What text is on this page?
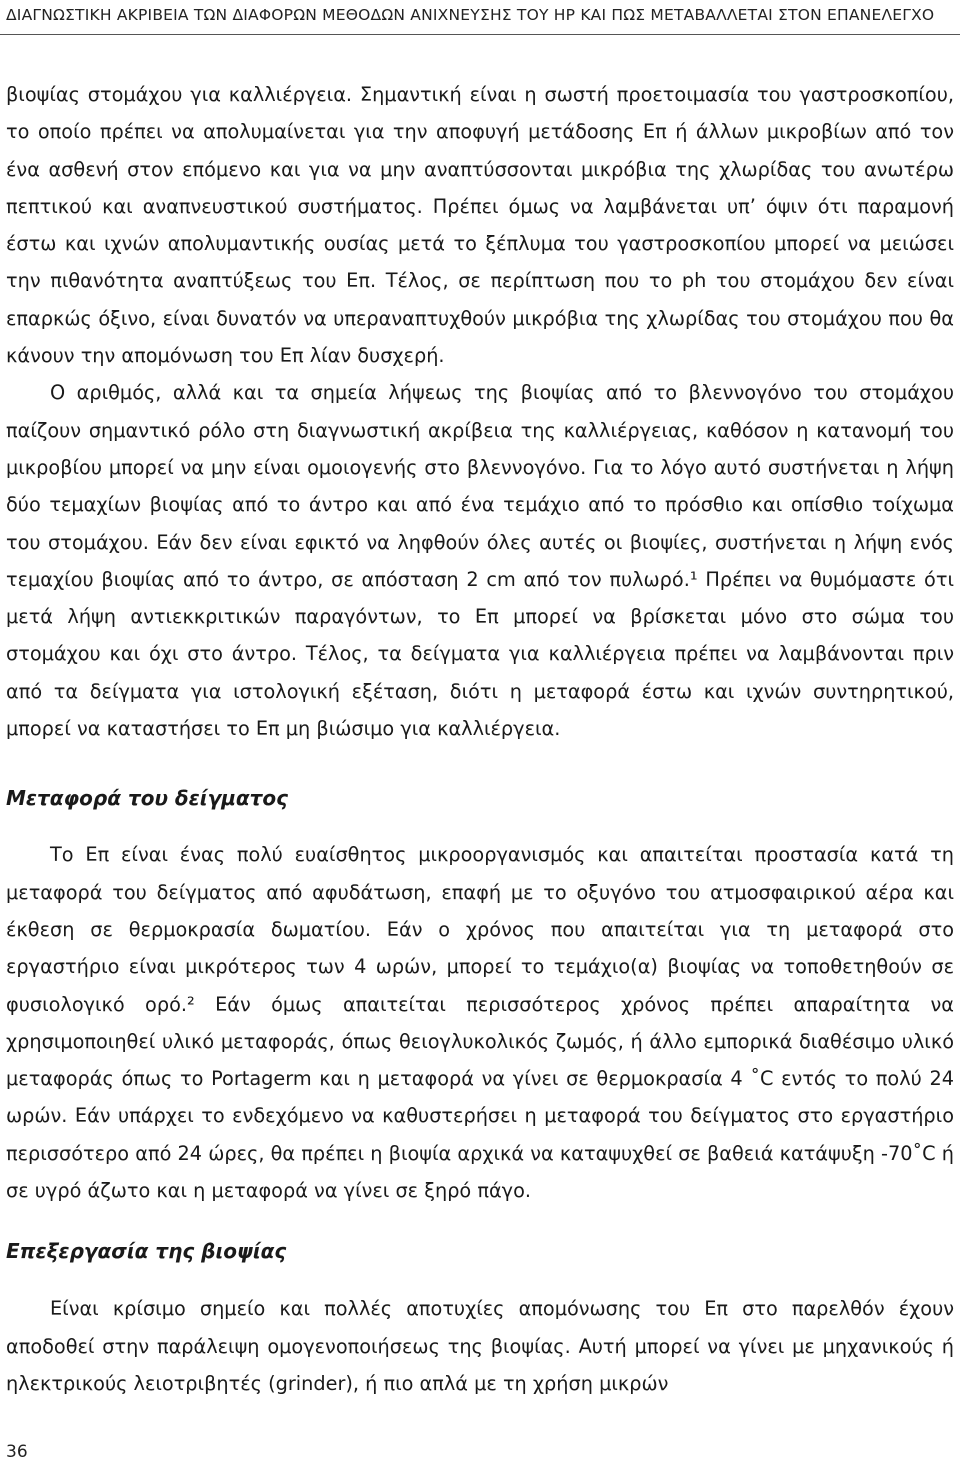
ΔΙΑΓΝΩΣΤΙΚΗ ΑΚΡΙΒΕΙΑ ΤΩΝ ΔΙΑΦΟΡΩΝ ΜΕΘΟΔΩΝ ΑΝΙΧΝΕΥΣΗΣ ΤΟΥ HP ΚΑΙ ΠΩΣ ΜΕΤΑΒΑΛΛΕΤΑΙ ΣΤΟΝ ΕΠΑΝΕΛΕΓΧΟ

βιοψίας στομάχου για καλλιέργεια. Σημαντική είναι η σωστή προετοιμασία του γαστροσκοπίου, το οποίο πρέπει να απολυμαίνεται για την αποφυγή μετάδοσης Επ ή άλλων μικροβίων από τον ένα ασθενή στον επόμενο και για να μην αναπτύσσονται μικρόβια της χλωρίδας του ανωτέρω πεπτικού και αναπνευστικού συστήματος. Πρέπει όμως να λαμβάνεται υπ’ όψιν ότι παραμονή έστω και ιχνών απολυμαντικής ουσίας μετά το ξέπλυμα του γαστροσκοπίου μπορεί να μειώσει την πιθανότητα αναπτύξεως του Επ. Τέλος, σε περίπτωση που το ph του στομάχου δεν είναι επαρκώς όξινο, είναι δυνατόν να υπεραναπτυχθούν μικρόβια της χλωρίδας του στομάχου που θα κάνουν την απομόνωση του Επ λίαν δυσχερή.

Ο αριθμός, αλλά και τα σημεία λήψεως της βιοψίας από το βλεννογόνο του στομάχου παίζουν σημαντικό ρόλο στη διαγνωστική ακρίβεια της καλλιέργειας, καθόσον η κατανομή του μικροβίου μπορεί να μην είναι ομοιογενής στο βλεννογόνο. Για το λόγο αυτό συστήνεται η λήψη δύο τεμαχίων βιοψίας από το άντρο και από ένα τεμάχιο από το πρόσθιο και οπίσθιο τοίχωμα του στομάχου. Εάν δεν είναι εφικτό να ληφθούν όλες αυτές οι βιοψίες, συστήνεται η λήψη ενός τεμαχίου βιοψίας από το άντρο, σε απόσταση 2 cm από τον πυλωρό.¹ Πρέπει να θυμόμαστε ότι μετά λήψη αντιεκκριτικών παραγόντων, το Επ μπορεί να βρίσκεται μόνο στο σώμα του στομάχου και όχι στο άντρο. Τέλος, τα δείγματα για καλλιέργεια πρέπει να λαμβάνονται πριν από τα δείγματα για ιστολογική εξέταση, διότι η μεταφορά έστω και ιχνών συντηρητικού, μπορεί να καταστήσει το Επ μη βιώσιμο για καλλιέργεια.

Μεταφορά του δείγματος

Το Επ είναι ένας πολύ ευαίσθητος μικροοργανισμός και απαιτείται προστασία κατά τη μεταφορά του δείγματος από αφυδάτωση, επαφή με το οξυγόνο του ατμοσφαιρικού αέρα και έκθεση σε θερμοκρασία δωματίου. Εάν ο χρόνος που απαιτείται για τη μεταφορά στο εργαστήριο είναι μικρότερος των 4 ωρών, μπορεί το τεμάχιο(α) βιοψίας να τοποθετηθούν σε φυσιολογικό ορό.² Εάν όμως απαιτείται περισσότερος χρόνος πρέπει απαραίτητα να χρησιμοποιηθεί υλικό μεταφοράς, όπως θειογλυκολικός ζωμός, ή άλλο εμπορικά διαθέσιμο υλικό μεταφοράς όπως το Portagerm και η μεταφορά να γίνει σε θερμοκρασία 4 ˚C εντός το πολύ 24 ωρών. Εάν υπάρχει το ενδεχόμενο να καθυστερήσει η μεταφορά του δείγματος στο εργαστήριο περισσότερο από 24 ώρες, θα πρέπει η βιοψία αρχικά να καταψυχθεί σε βαθειά κατάψυξη -70˚C ή σε υγρό άζωτο και η μεταφορά να γίνει σε ξηρό πάγο.

Επεξεργασία της βιοψίας

Είναι κρίσιμο σημείο και πολλές αποτυχίες απομόνωσης του Επ στο παρελθόν έχουν αποδοθεί στην παράλειψη ομογενοποιήσεως της βιοψίας. Αυτή μπορεί να γίνει με μηχανικούς ή ηλεκτρικούς λειοτριβητές (grinder), ή πιο απλά με τη χρήση μικρών

36
